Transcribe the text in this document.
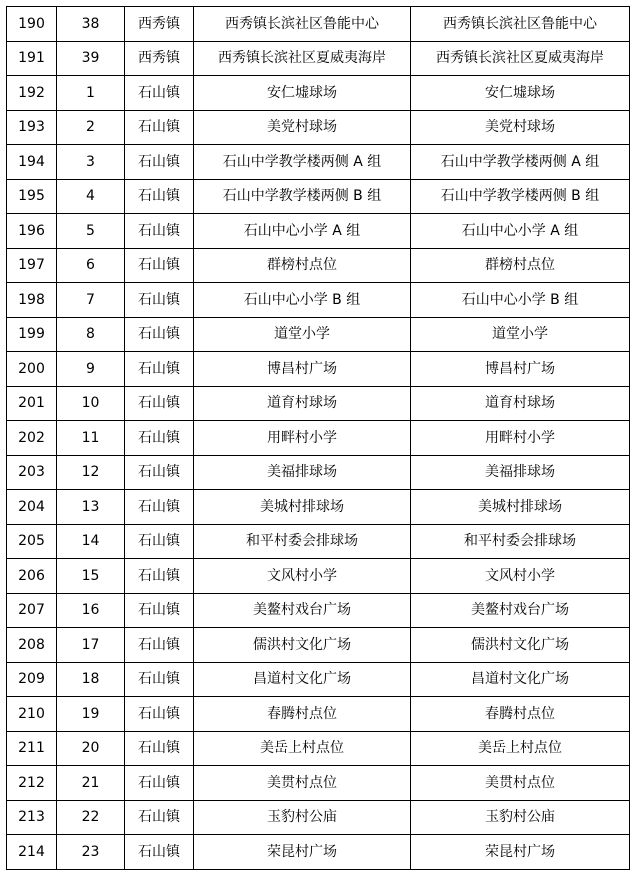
190	38	西秀镇	西秀镇长滨社区鲁能中心	西秀镇长滨社区鲁能中心
191	39	西秀镇	西秀镇长滨社区夏威夷海岸	西秀镇长滨社区夏威夷海岸
192	1	石山镇	安仁墟球场	安仁墟球场
193	2	石山镇	美党村球场	美党村球场
194	3	石山镇	石山中学教学楼两侧 A 组	石山中学教学楼两侧 A 组
195	4	石山镇	石山中学教学楼两侧 B 组	石山中学教学楼两侧 B 组
196	5	石山镇	石山中心小学 A 组	石山中心小学 A 组
197	6	石山镇	群榜村点位	群榜村点位
198	7	石山镇	石山中心小学 B 组	石山中心小学 B 组
199	8	石山镇	道堂小学	道堂小学
200	9	石山镇	博昌村广场	博昌村广场
201	10	石山镇	道育村球场	道育村球场
202	11	石山镇	用畔村小学	用畔村小学
203	12	石山镇	美福排球场	美福排球场
204	13	石山镇	美城村排球场	美城村排球场
205	14	石山镇	和平村委会排球场	和平村委会排球场
206	15	石山镇	文风村小学	文风村小学
207	16	石山镇	美鳌村戏台广场	美鳌村戏台广场
208	17	石山镇	儒洪村文化广场	儒洪村文化广场
209	18	石山镇	昌道村文化广场	昌道村文化广场
210	19	石山镇	春腾村点位	春腾村点位
211	20	石山镇	美岳上村点位	美岳上村点位
212	21	石山镇	美贯村点位	美贯村点位
213	22	石山镇	玉豹村公庙	玉豹村公庙
214	23	石山镇	荣昆村广场	荣昆村广场
